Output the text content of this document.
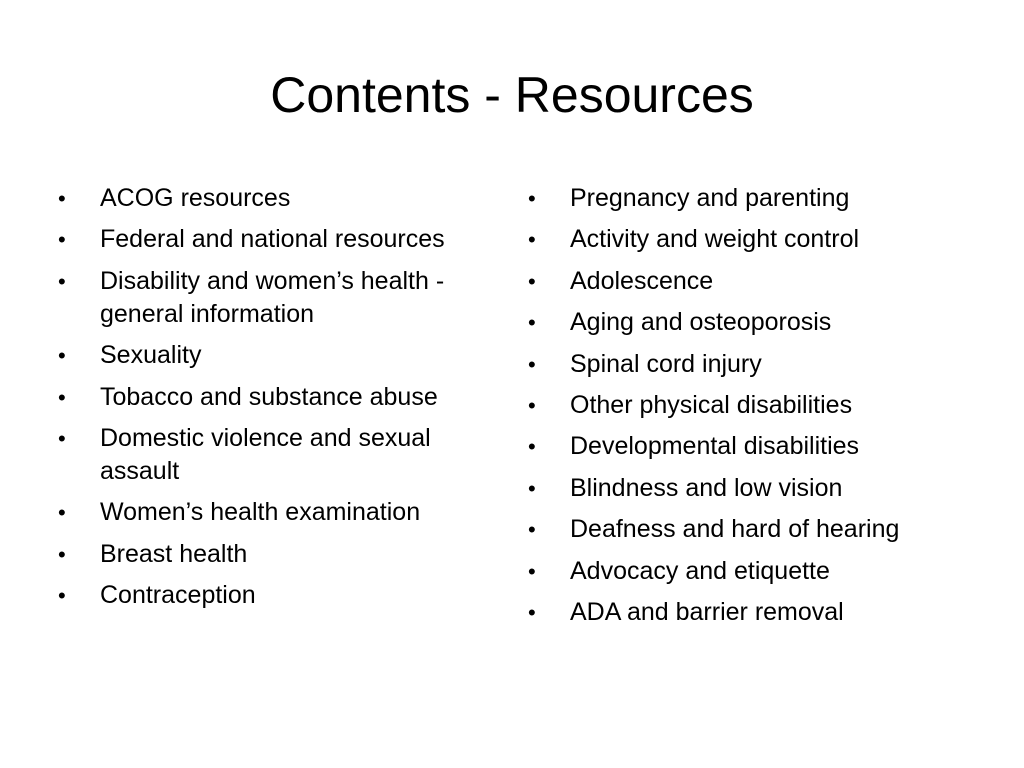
Contents - Resources
•	ACOG resources
•	Federal and national resources
•	Disability and women’s health - general information
•	Sexuality
•	Tobacco and substance abuse
•	Domestic violence and sexual assault
•	Women’s health examination
•	Breast health
•	Contraception
•	Pregnancy and parenting
•	Activity and weight control
•	Adolescence
•	Aging and osteoporosis
•	Spinal cord injury
•	Other physical disabilities
•	Developmental disabilities
•	Blindness and low vision
•	Deafness and hard of hearing
•	Advocacy and etiquette
•	ADA and barrier removal
